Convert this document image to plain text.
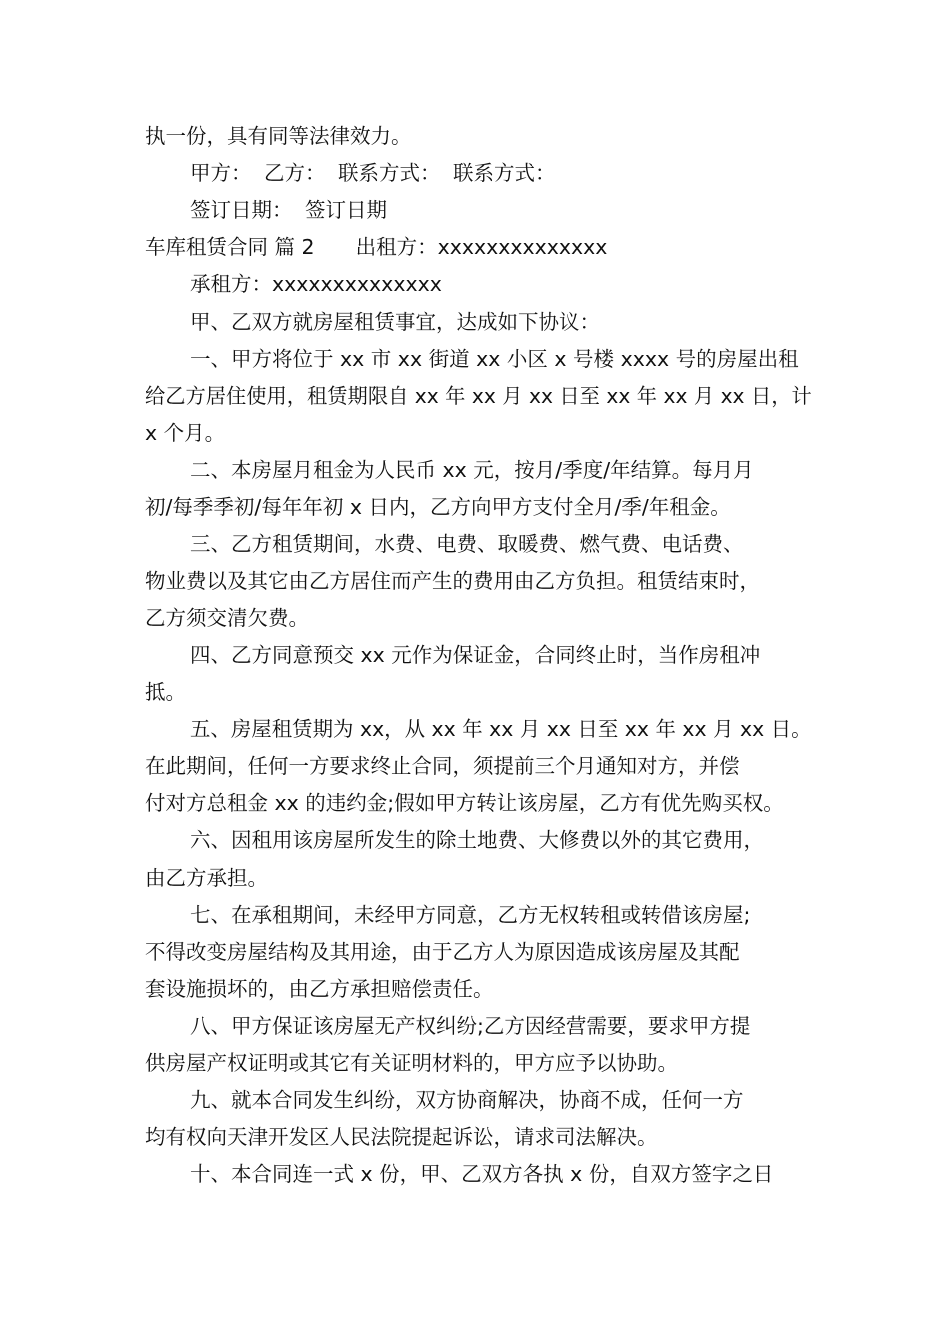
执一份，具有同等法律效力。
甲方： 乙方： 联系方式： 联系方式：
签订日期： 签订日期
车库租赁合同 篇 2　　出租方：xxxxxxxxxxxxxx
承租方：xxxxxxxxxxxxxx
甲、乙双方就房屋租赁事宜，达成如下协议：
一、甲方将位于 xx 市 xx 街道 xx 小区 x 号楼 xxxx 号的房屋出租
给乙方居住使用，租赁期限自 xx 年 xx 月 xx 日至 xx 年 xx 月 xx 日，计
x 个月。
二、本房屋月租金为人民币 xx 元，按月/季度/年结算。每月月
初/每季季初/每年年初 x 日内，乙方向甲方支付全月/季/年租金。
三、乙方租赁期间，水费、电费、取暖费、燃气费、电话费、
物业费以及其它由乙方居住而产生的费用由乙方负担。租赁结束时，
乙方须交清欠费。
四、乙方同意预交 xx 元作为保证金，合同终止时，当作房租冲
抵。
五、房屋租赁期为 xx，从 xx 年 xx 月 xx 日至 xx 年 xx 月 xx 日。
在此期间，任何一方要求终止合同，须提前三个月通知对方，并偿
付对方总租金 xx 的违约金;假如甲方转让该房屋，乙方有优先购买权。
六、因租用该房屋所发生的除土地费、大修费以外的其它费用，
由乙方承担。
七、在承租期间，未经甲方同意，乙方无权转租或转借该房屋;
不得改变房屋结构及其用途，由于乙方人为原因造成该房屋及其配
套设施损坏的，由乙方承担赔偿责任。
八、甲方保证该房屋无产权纠纷;乙方因经营需要，要求甲方提
供房屋产权证明或其它有关证明材料的，甲方应予以协助。
九、就本合同发生纠纷，双方协商解决，协商不成，任何一方
均有权向天津开发区人民法院提起诉讼，请求司法解决。
十、本合同连一式 x 份，甲、乙双方各执 x 份，自双方签字之日
